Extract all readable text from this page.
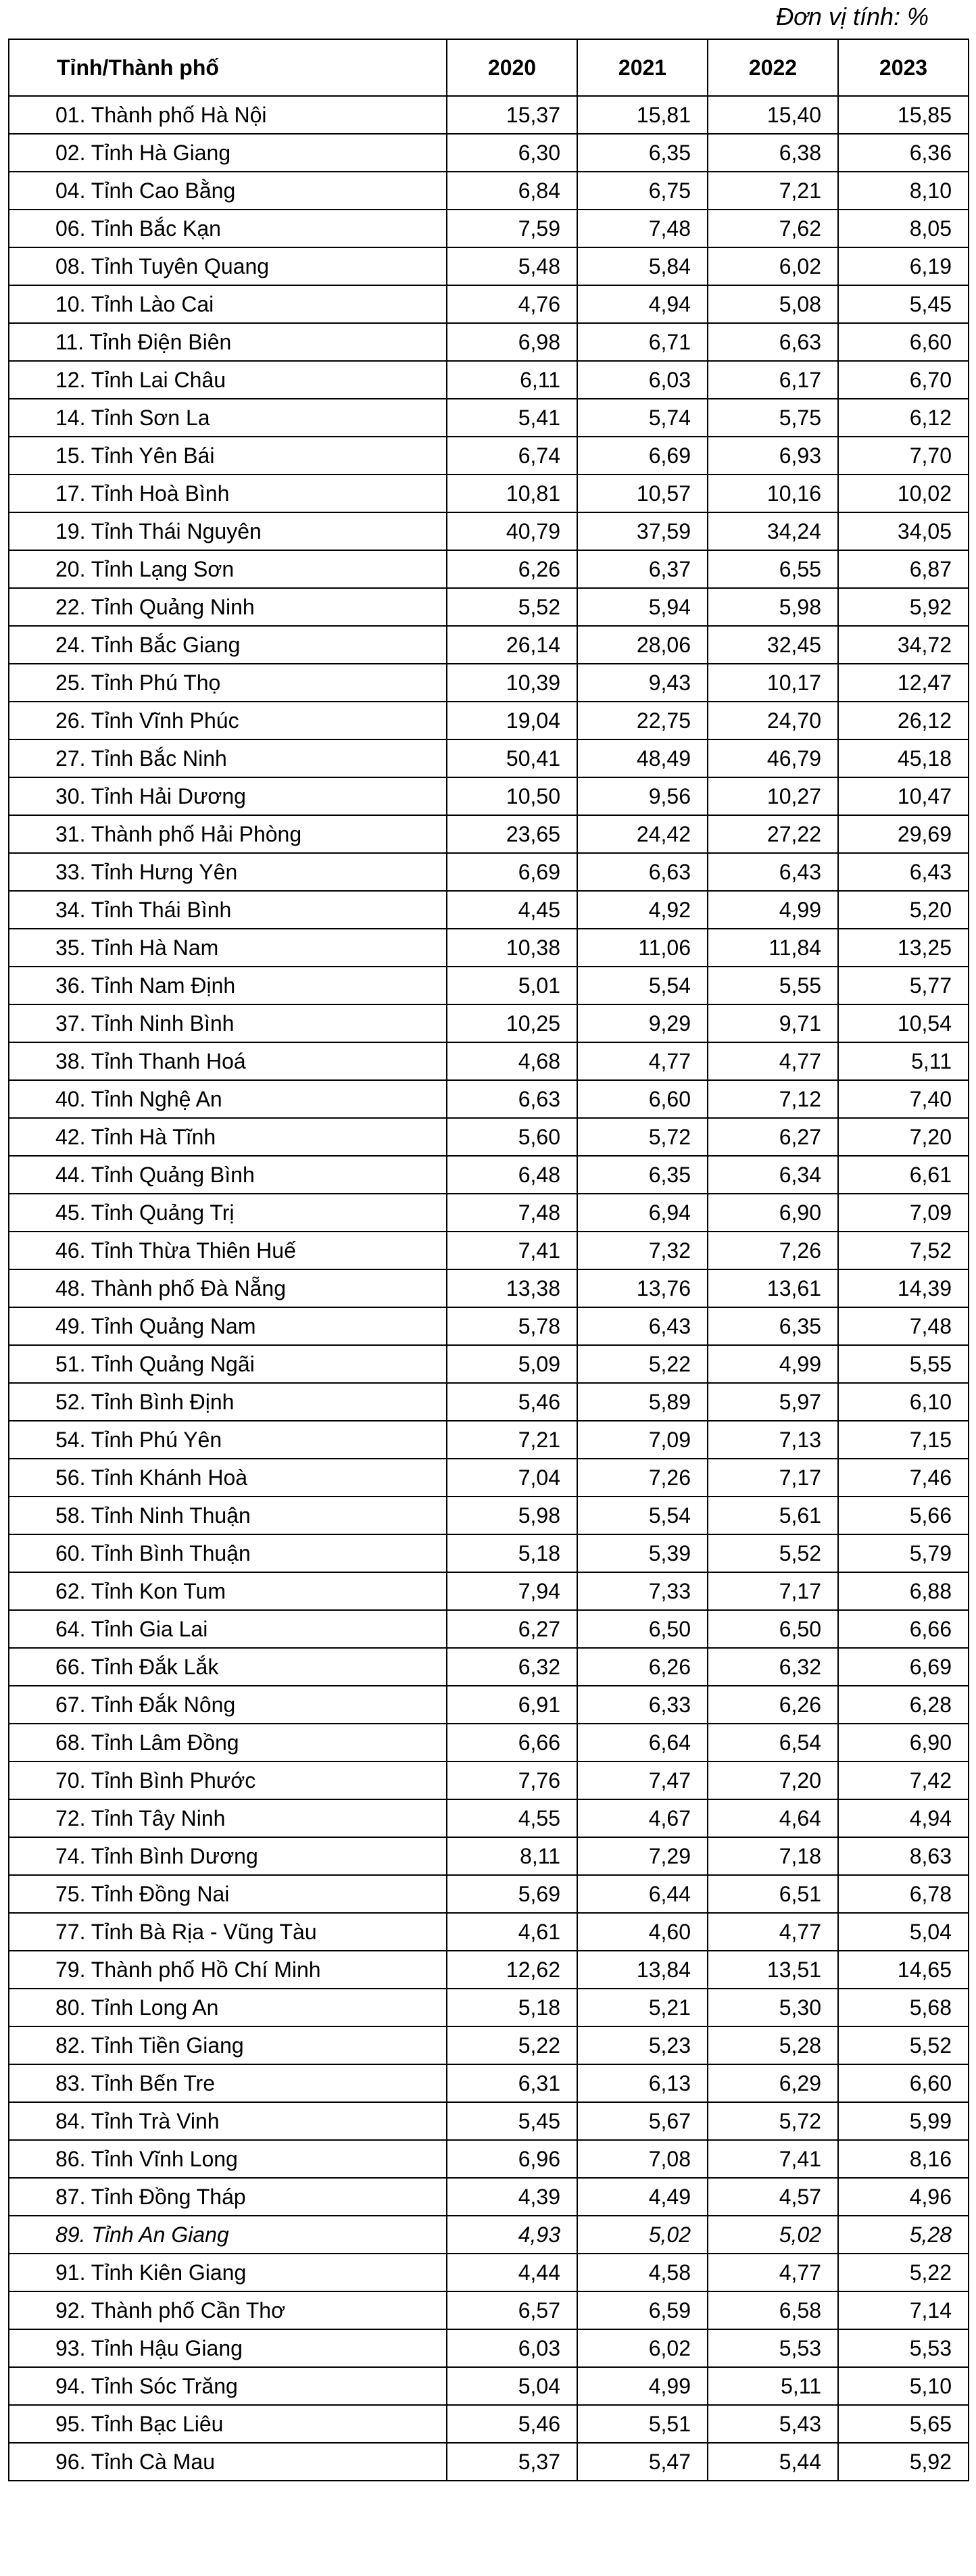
Đơn vị tính: %
Tỉnh/Thành phố	2020	2021	2022	2023
01. Thành phố Hà Nội	15,37	15,81	15,40	15,85
02. Tỉnh Hà Giang	6,30	6,35	6,38	6,36
04. Tỉnh Cao Bằng	6,84	6,75	7,21	8,10
06. Tỉnh Bắc Kạn	7,59	7,48	7,62	8,05
08. Tỉnh Tuyên Quang	5,48	5,84	6,02	6,19
10. Tỉnh Lào Cai	4,76	4,94	5,08	5,45
11. Tỉnh Điện Biên	6,98	6,71	6,63	6,60
12. Tỉnh Lai Châu	6,11	6,03	6,17	6,70
14. Tỉnh Sơn La	5,41	5,74	5,75	6,12
15. Tỉnh Yên Bái	6,74	6,69	6,93	7,70
17. Tỉnh Hoà Bình	10,81	10,57	10,16	10,02
19. Tỉnh Thái Nguyên	40,79	37,59	34,24	34,05
20. Tỉnh Lạng Sơn	6,26	6,37	6,55	6,87
22. Tỉnh Quảng Ninh	5,52	5,94	5,98	5,92
24. Tỉnh Bắc Giang	26,14	28,06	32,45	34,72
25. Tỉnh Phú Thọ	10,39	9,43	10,17	12,47
26. Tỉnh Vĩnh Phúc	19,04	22,75	24,70	26,12
27. Tỉnh Bắc Ninh	50,41	48,49	46,79	45,18
30. Tỉnh Hải Dương	10,50	9,56	10,27	10,47
31. Thành phố Hải Phòng	23,65	24,42	27,22	29,69
33. Tỉnh Hưng Yên	6,69	6,63	6,43	6,43
34. Tỉnh Thái Bình	4,45	4,92	4,99	5,20
35. Tỉnh Hà Nam	10,38	11,06	11,84	13,25
36. Tỉnh Nam Định	5,01	5,54	5,55	5,77
37. Tỉnh Ninh Bình	10,25	9,29	9,71	10,54
38. Tỉnh Thanh Hoá	4,68	4,77	4,77	5,11
40. Tỉnh Nghệ An	6,63	6,60	7,12	7,40
42. Tỉnh Hà Tĩnh	5,60	5,72	6,27	7,20
44. Tỉnh Quảng Bình	6,48	6,35	6,34	6,61
45. Tỉnh Quảng Trị	7,48	6,94	6,90	7,09
46. Tỉnh Thừa Thiên Huế	7,41	7,32	7,26	7,52
48. Thành phố Đà Nẵng	13,38	13,76	13,61	14,39
49. Tỉnh Quảng Nam	5,78	6,43	6,35	7,48
51. Tỉnh Quảng Ngãi	5,09	5,22	4,99	5,55
52. Tỉnh Bình Định	5,46	5,89	5,97	6,10
54. Tỉnh Phú Yên	7,21	7,09	7,13	7,15
56. Tỉnh Khánh Hoà	7,04	7,26	7,17	7,46
58. Tỉnh Ninh Thuận	5,98	5,54	5,61	5,66
60. Tỉnh Bình Thuận	5,18	5,39	5,52	5,79
62. Tỉnh Kon Tum	7,94	7,33	7,17	6,88
64. Tỉnh Gia Lai	6,27	6,50	6,50	6,66
66. Tỉnh Đắk Lắk	6,32	6,26	6,32	6,69
67. Tỉnh Đắk Nông	6,91	6,33	6,26	6,28
68. Tỉnh Lâm Đồng	6,66	6,64	6,54	6,90
70. Tỉnh Bình Phước	7,76	7,47	7,20	7,42
72. Tỉnh Tây Ninh	4,55	4,67	4,64	4,94
74. Tỉnh Bình Dương	8,11	7,29	7,18	8,63
75. Tỉnh Đồng Nai	5,69	6,44	6,51	6,78
77. Tỉnh Bà Rịa - Vũng Tàu	4,61	4,60	4,77	5,04
79. Thành phố Hồ Chí Minh	12,62	13,84	13,51	14,65
80. Tỉnh Long An	5,18	5,21	5,30	5,68
82. Tỉnh Tiền Giang	5,22	5,23	5,28	5,52
83. Tỉnh Bến Tre	6,31	6,13	6,29	6,60
84. Tỉnh Trà Vinh	5,45	5,67	5,72	5,99
86. Tỉnh Vĩnh Long	6,96	7,08	7,41	8,16
87. Tỉnh Đồng Tháp	4,39	4,49	4,57	4,96
89. Tỉnh An Giang	4,93	5,02	5,02	5,28
91. Tỉnh Kiên Giang	4,44	4,58	4,77	5,22
92. Thành phố Cần Thơ	6,57	6,59	6,58	7,14
93. Tỉnh Hậu Giang	6,03	6,02	5,53	5,53
94. Tỉnh Sóc Trăng	5,04	4,99	5,11	5,10
95. Tỉnh Bạc Liêu	5,46	5,51	5,43	5,65
96. Tỉnh Cà Mau	5,37	5,47	5,44	5,92
